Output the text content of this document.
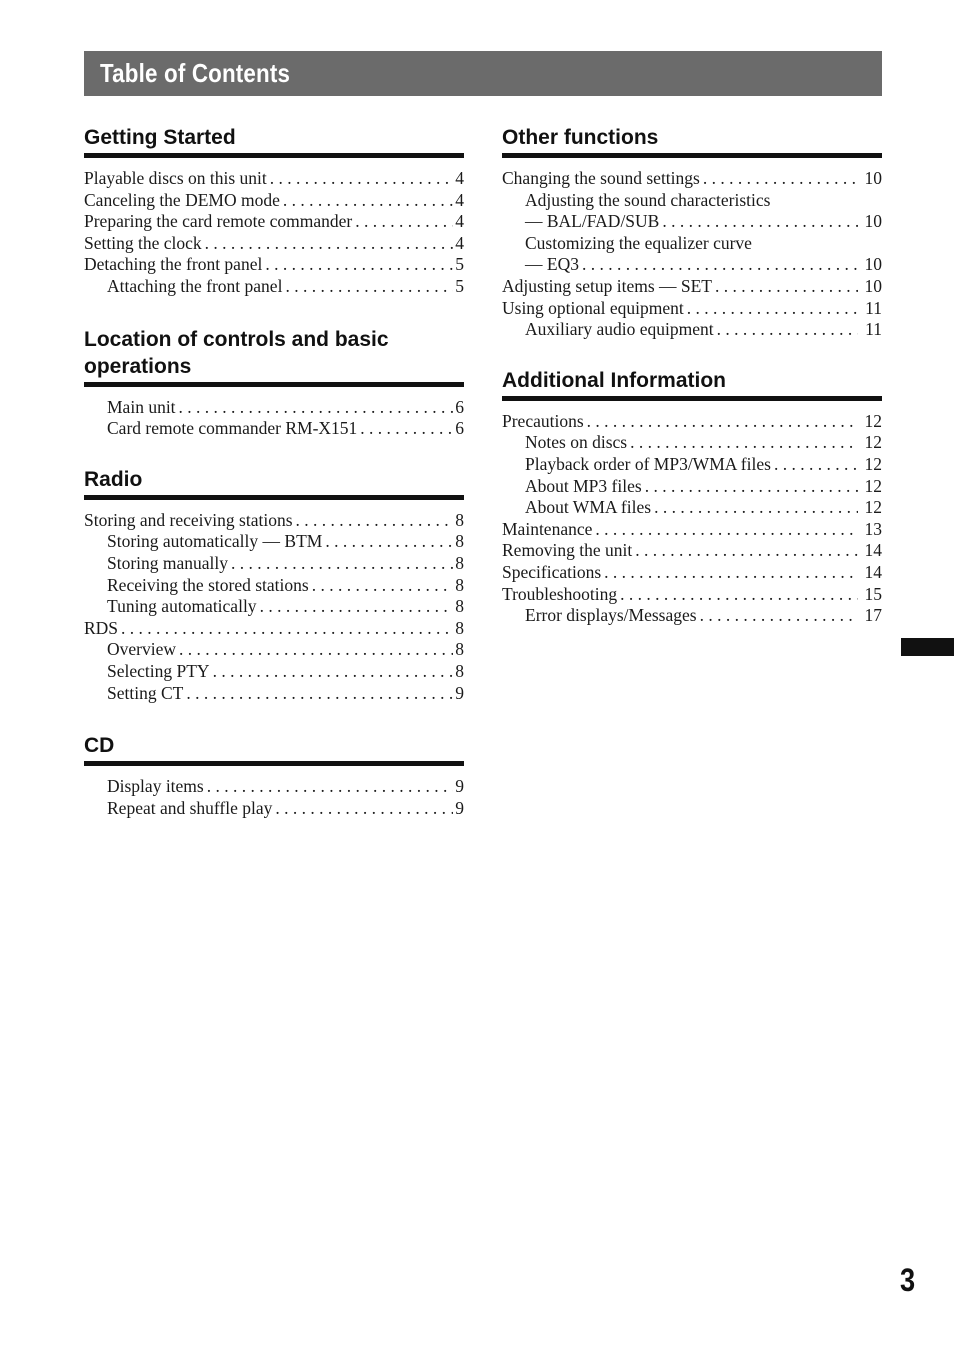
Table of Contents
Getting Started
Playable discs on this unit . . .	4
Canceling the DEMO mode . . .	4
Preparing the card remote commander . . .	4
Setting the clock . . .	4
Detaching the front panel . . .	5
Attaching the front panel . . .	5
Location of controls and basic operations
Main unit . . .	6
Card remote commander RM-X151 . . .	6
Radio
Storing and receiving stations . . .	8
Storing automatically — BTM . . .	8
Storing manually . . .	8
Receiving the stored stations . . .	8
Tuning automatically . . .	8
RDS . . .	8
Overview . . .	8
Selecting PTY . . .	8
Setting CT . . .	9
CD
Display items . . .	9
Repeat and shuffle play . . .	9
Other functions
Changing the sound settings . . .	10
Adjusting the sound characteristics
— BAL/FAD/SUB . . .	10
Customizing the equalizer curve
— EQ3 . . .	10
Adjusting setup items — SET . . .	10
Using optional equipment . . .	11
Auxiliary audio equipment . . .	11
Additional Information
Precautions . . .	12
Notes on discs . . .	12
Playback order of MP3/WMA files . . .	12
About MP3 files . . .	12
About WMA files . . .	12
Maintenance . . .	13
Removing the unit . . .	14
Specifications . . .	14
Troubleshooting . . .	15
Error displays/Messages . . .	17
3
